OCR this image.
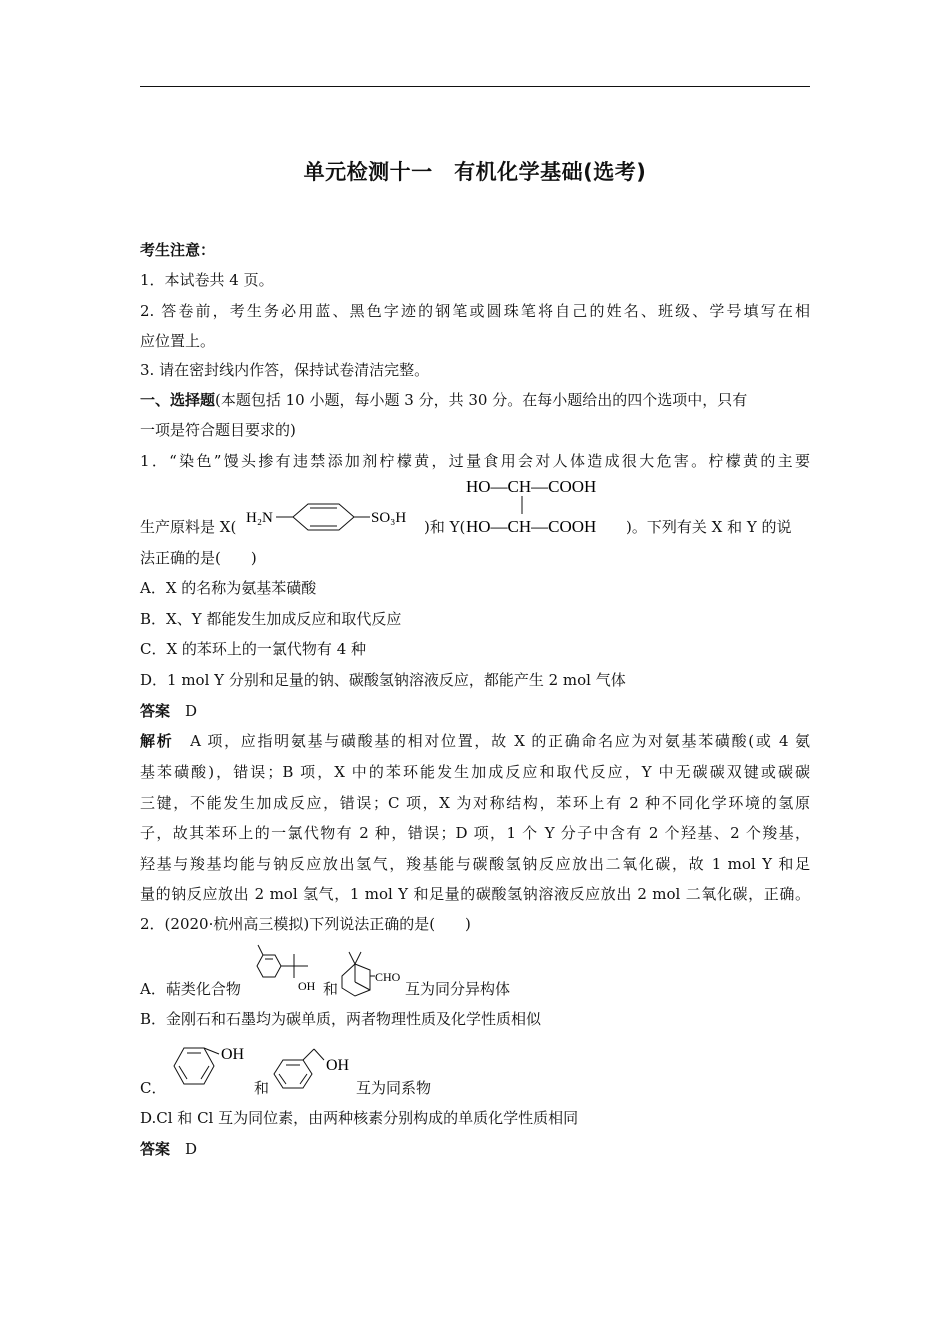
单元检测十一　有机化学基础(选考)
考生注意：
1．本试卷共 4 页。
2. 答卷前，考生务必用蓝、黑色字迹的钢笔或圆珠笔将自己的姓名、班级、学号填写在相
应位置上。
3. 请在密封线内作答，保持试卷清洁完整。
一、选择题(本题包括 10 小题，每小题 3 分，共 30 分。在每小题给出的四个选项中，只有
一项是符合题目要求的)
1．“染色”馒头掺有违禁添加剂柠檬黄，过量食用会对人体造成很大危害。柠檬黄的主要
生产原料是 X( H₂N	SO₃H )和 Y(
HO—CH—COOH
HO—CH—COOH )。下列有关 X 和 Y 的说
法正确的是(　　)
A．X 的名称为氨基苯磺酸
B．X、Y 都能发生加成反应和取代反应
C．X 的苯环上的一氯代物有 4 种
D．1 mol Y 分别和足量的钠、碳酸氢钠溶液反应，都能产生 2 mol 气体
答案　 D
解析　 A 项，应指明氨基与磺酸基的相对位置，故 X 的正确命名应为对氨基苯磺酸(或 4 氨
基苯磺酸)，错误；B 项，X 中的苯环能发生加成反应和取代反应，Y 中无碳碳双键或碳碳
三键，不能发生加成反应，错误；C 项，X 为对称结构，苯环上有 2 种不同化学环境的氢原
子，故其苯环上的一氯代物有 2 种，错误；D 项，1 个 Y 分子中含有 2 个羟基、2 个羧基，
羟基与羧基均能与钠反应放出氢气，羧基能与碳酸氢钠反应放出二氧化碳，故 1 mol Y 和足
量的钠反应放出 2 mol 氢气，1 mol Y 和足量的碳酸氢钠溶液反应放出 2 mol 二氧化碳，正确。
2．(2020·杭州高三模拟)下列说法正确的是(　　)
A．萜类化合物	OH 和
CHO
互为同分异构体
B．金刚石和石墨均为碳单质，两者物理性质及化学性质相似
C．
OH
和
OH
互为同系物
D.Cl 和 Cl 互为同位素，由两种核素分别构成的单质化学性质相同
答案　 D
